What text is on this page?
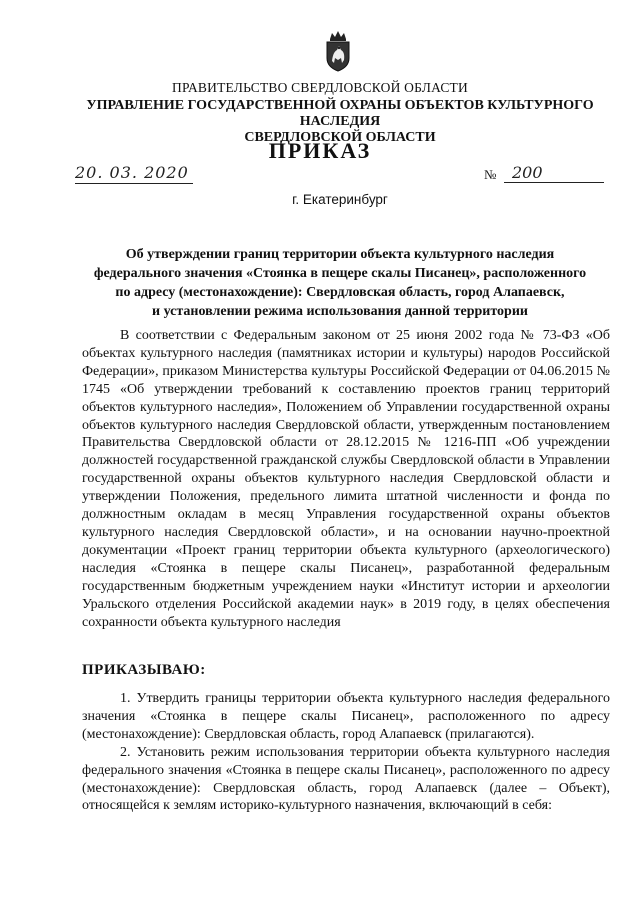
ПРАВИТЕЛЬСТВО СВЕРДЛОВСКОЙ ОБЛАСТИ
УПРАВЛЕНИЕ ГОСУДАРСТВЕННОЙ ОХРАНЫ ОБЪЕКТОВ КУЛЬТУРНОГО НАСЛЕДИЯ
СВЕРДЛОВСКОЙ ОБЛАСТИ
ПРИКАЗ
20. 03. 2020	№ 200
г. Екатеринбург
Об утверждении границ территории объекта культурного наследия
федерального значения «Стоянка в пещере скалы Писанец», расположенного
по адресу (местонахождение): Свердловская область, город Алапаевск,
и установлении режима использования данной территории

В соответствии с Федеральным законом от 25 июня 2002 года № 73-ФЗ «Об объектах культурного наследия (памятниках истории и культуры) народов Российской Федерации», приказом Министерства культуры Российской Федерации от 04.06.2015 № 1745 «Об утверждении требований к составлению проектов границ территорий объектов культурного наследия», Положением об Управлении государственной охраны объектов культурного наследия Свердловской области, утвержденным постановлением Правительства Свердловской области от 28.12.2015 № 1216-ПП «Об учреждении должностей государственной гражданской службы Свердловской области в Управлении государственной охраны объектов культурного наследия Свердловской области и утверждении Положения, предельного лимита штатной численности и фонда по должностным окладам в месяц Управления государственной охраны объектов культурного наследия Свердловской области», и на основании научно-проектной документации «Проект границ территории объекта культурного (археологического) наследия «Стоянка в пещере скалы Писанец», разработанной федеральным государственным бюджетным учреждением науки «Институт истории и археологии Уральского отделения Российской академии наук» в 2019 году, в целях обеспечения сохранности объекта культурного наследия

ПРИКАЗЫВАЮ:

1. Утвердить границы территории объекта культурного наследия федерального значения «Стоянка в пещере скалы Писанец», расположенного по адресу (местонахождение): Свердловская область, город Алапаевск (прилагаются).

2. Установить режим использования территории объекта культурного наследия федерального значения «Стоянка в пещере скалы Писанец», расположенного по адресу (местонахождение): Свердловская область, город Алапаевск (далее – Объект), относящейся к землям историко-культурного назначения, включающий в себя:
